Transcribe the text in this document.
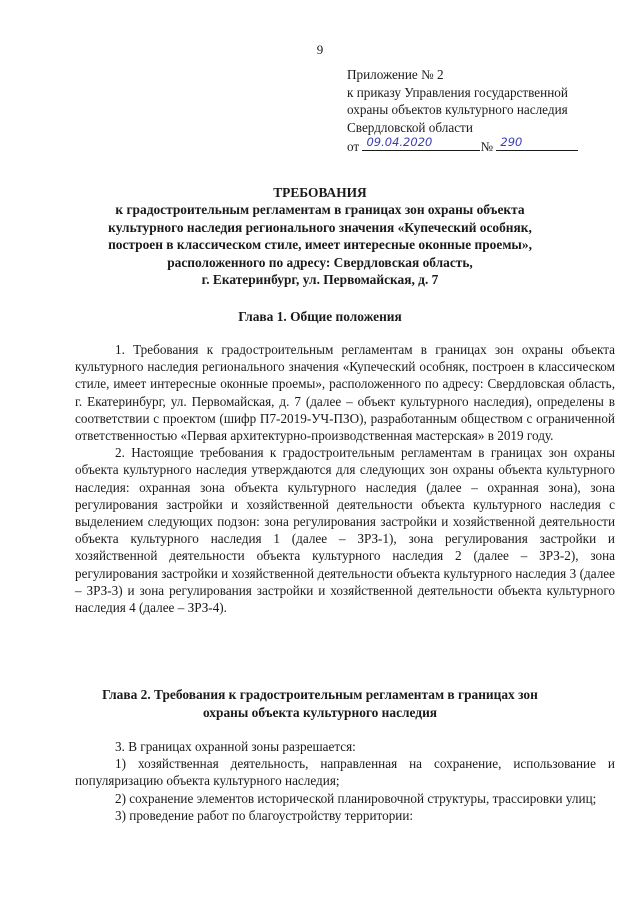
9
Приложение № 2
к приказу Управления государственной
охраны объектов культурного наследия
Свердловской области
от 09.04.2020	№ 290
ТРЕБОВАНИЯ
к градостроительным регламентам в границах зон охраны объекта
культурного наследия регионального значения «Купеческий особняк,
построен в классическом стиле, имеет интересные оконные проемы»,
расположенного по адресу: Свердловская область,
г. Екатеринбург, ул. Первомайская, д. 7
Глава 1. Общие положения

1. Требования к градостроительным регламентам в границах зон охраны объекта культурного наследия регионального значения «Купеческий особняк, построен в классическом стиле, имеет интересные оконные проемы», расположенного по адресу: Свердловская область, г. Екатеринбург, ул. Первомайская, д. 7 (далее – объект культурного наследия), определены в соответствии с проектом (шифр П7-2019-УЧ-ПЗО), разработанным обществом с ограниченной ответственностью «Первая архитектурно-производственная мастерская» в 2019 году.

2. Настоящие требования к градостроительным регламентам в границах зон охраны объекта культурного наследия утверждаются для следующих зон охраны объекта культурного наследия: охранная зона объекта культурного наследия (далее – охранная зона), зона регулирования застройки и хозяйственной деятельности объекта культурного наследия с выделением следующих подзон: зона регулирования застройки и хозяйственной деятельности объекта культурного наследия 1 (далее – ЗРЗ-1), зона регулирования застройки и хозяйственной деятельности объекта культурного наследия 2 (далее – ЗРЗ-2), зона регулирования застройки и хозяйственной деятельности объекта культурного наследия 3 (далее – ЗРЗ-3) и зона регулирования застройки и хозяйственной деятельности объекта культурного наследия 4 (далее – ЗРЗ-4).

Глава 2. Требования к градостроительным регламентам в границах зон
охраны объекта культурного наследия

3. В границах охранной зоны разрешается:

1) хозяйственная деятельность, направленная на сохранение, использование и популяризацию объекта культурного наследия;

2) сохранение элементов исторической планировочной структуры, трассировки улиц;

3) проведение работ по благоустройству территории:
